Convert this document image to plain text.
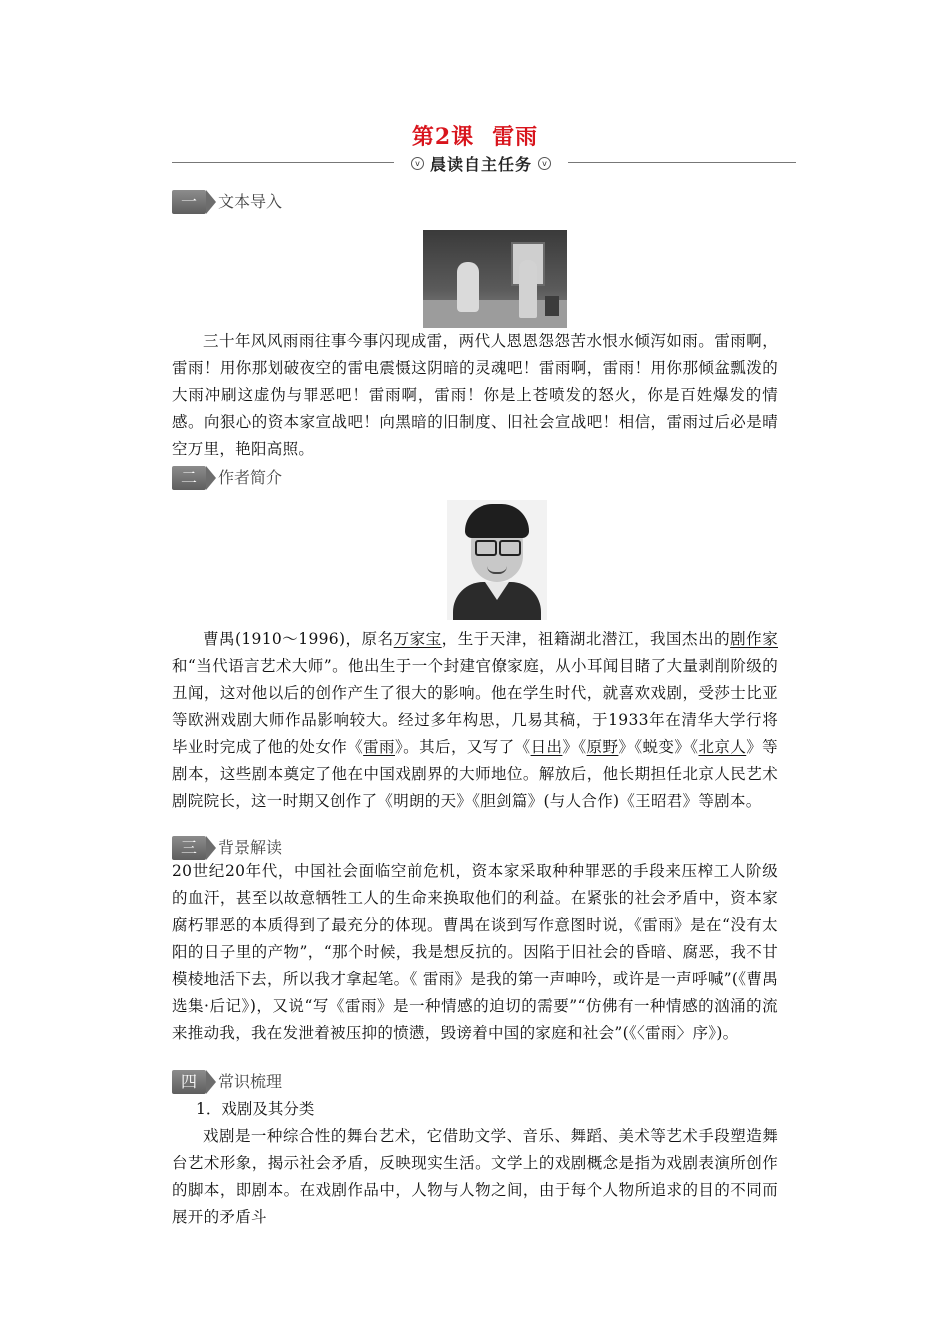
第2课 雷雨
v 晨读自主任务	v
一	文本导入

三十年风风雨雨往事今事闪现成雷，两代人恩恩怨怨苦水恨水倾泻如雨。雷雨啊，雷雨！用你那划破夜空的雷电震慑这阴暗的灵魂吧！雷雨啊，雷雨！用你那倾盆瓢泼的大雨冲刷这虚伪与罪恶吧！雷雨啊，雷雨！你是上苍喷发的怒火，你是百姓爆发的情感。向狠心的资本家宣战吧！向黑暗的旧制度、旧社会宣战吧！相信，雷雨过后必是晴空万里，艳阳高照。

二	作者简介

曹禺(1910～1996)，原名万家宝，生于天津，祖籍湖北潜江，我国杰出的剧作家和“当代语言艺术大师”。他出生于一个封建官僚家庭，从小耳闻目睹了大量剥削阶级的丑闻，这对他以后的创作产生了很大的影响。他在学生时代，就喜欢戏剧，受莎士比亚等欧洲戏剧大师作品影响较大。经过多年构思，几易其稿，于1933年在清华大学行将毕业时完成了他的处女作《雷雨》。其后，又写了《日出》《原野》《蜕变》《北京人》等剧本，这些剧本奠定了他在中国戏剧界的大师地位。解放后，他长期担任北京人民艺术剧院院长，这一时期又创作了《明朗的天》《胆剑篇》(与人合作)《王昭君》等剧本。

三	背景解读

20世纪20年代，中国社会面临空前危机，资本家采取种种罪恶的手段来压榨工人阶级的血汗，甚至以故意牺牲工人的生命来换取他们的利益。在紧张的社会矛盾中，资本家腐朽罪恶的本质得到了最充分的体现。曹禺在谈到写作意图时说，《雷雨》是在“没有太阳的日子里的产物”，“那个时候，我是想反抗的。因陷于旧社会的昏暗、腐恶，我不甘模棱地活下去，所以我才拿起笔。《 雷雨》是我的第一声呻吟，或许是一声呼喊”(《曹禺选集·后记》)，又说“写《雷雨》是一种情感的迫切的需要”“仿佛有一种情感的汹涌的流来推动我，我在发泄着被压抑的愤懑，毁谤着中国的家庭和社会”(《〈雷雨〉序》)。

四	常识梳理
1．戏剧及其分类

戏剧是一种综合性的舞台艺术，它借助文学、音乐、舞蹈、美术等艺术手段塑造舞台艺术形象，揭示社会矛盾，反映现实生活。文学上的戏剧概念是指为戏剧表演所创作的脚本，即剧本。在戏剧作品中，人物与人物之间，由于每个人物所追求的目的不同而展开的矛盾斗
